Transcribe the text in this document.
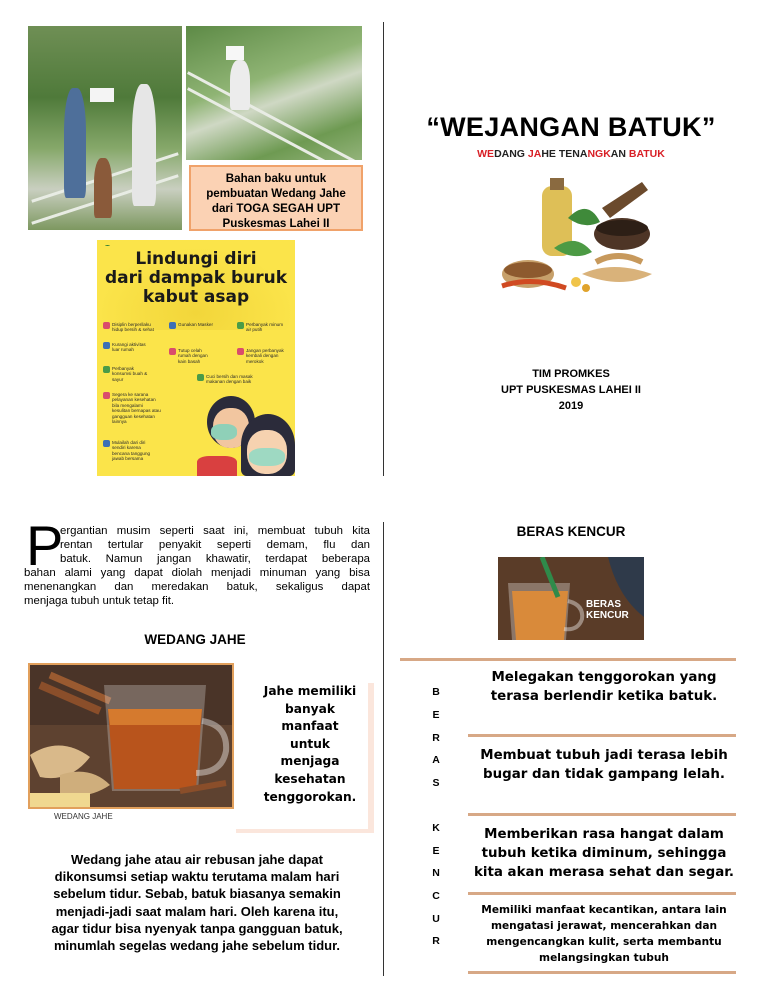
Bahan baku untuk
pembuatan Wedang Jahe
dari TOGA SEGAH UPT
Puskesmas Lahei II
Lindungi diri
dari dampak buruk
kabut asap
Disiplin berperilaku hidup bersih & sehat
Kurangi aktivitas luar rumah
Perbanyak konsumsi buah & sayur
Segera ke sarana pelayanan kesehatan bila mengalami kesulitan bernapas atau gangguan kesehatan lainnya
Mulailah dari diri sendiri karena bencana tanggung jawab bersama
Gunakan Masker
Tutup celah rumah dengan kain basah
Cuci bersih dan masak makanan dengan baik
Perbanyak minum air putih
Jangan perbanyak kembali dengan merokok
“WEJANGAN BATUK”
WEDANG JAHE TENANGKAN BATUK
TIM PROMKES
UPT PUSKESMAS LAHEI II
2019
P
ergantian musim seperti saat ini, membuat tubuh kita
rentan tertular penyakit seperti demam, flu dan
batuk. Namun jangan khawatir, terdapat beberapa
bahan alami yang dapat diolah menjadi minuman yang bisa
menenangkan dan meredakan batuk, sekaligus dapat
menjaga tubuh untuk tetap fit.
WEDANG JAHE
WEDANG JAHE
Jahe memiliki
banyak
manfaat
untuk
menjaga
kesehatan
tenggorokan.
Wedang jahe atau air rebusan jahe dapat
dikonsumsi setiap waktu terutama malam hari
sebelum tidur. Sebab, batuk biasanya semakin
menjadi-jadi saat malam hari. Oleh karena itu,
agar tidur bisa nyenyak tanpa gangguan batuk,
minumlah segelas wedang jahe sebelum tidur.
BERAS KENCUR
BERAS
KENCUR
B
E
R
A
S
K
E
N
C
U
R
Melegakan tenggorokan yang
terasa berlendir ketika batuk.
Membuat tubuh jadi terasa lebih
bugar dan tidak gampang lelah.
Memberikan rasa hangat dalam
tubuh ketika diminum, sehingga
kita akan merasa sehat dan segar.
Memiliki manfaat kecantikan, antara lain
mengatasi jerawat, mencerahkan dan
mengencangkan kulit, serta membantu
melangsingkan tubuh
